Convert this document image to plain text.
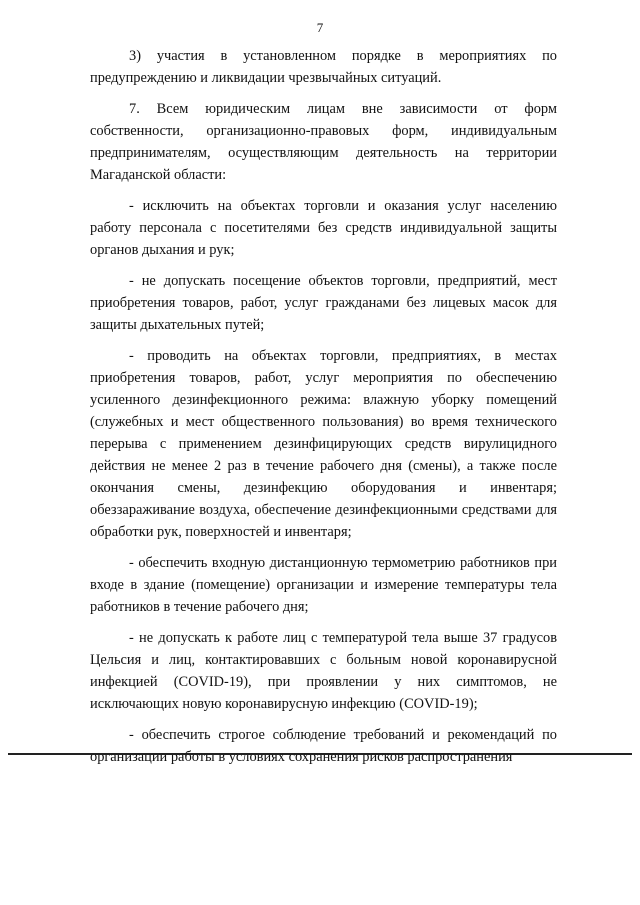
7

3) участия в установленном порядке в мероприятиях по предупреждению и ликвидации чрезвычайных ситуаций.

7. Всем юридическим лицам вне зависимости от форм собственности, организационно-правовых форм, индивидуальным предпринимателям, осуществляющим деятельность на территории Магаданской области:

- исключить на объектах торговли и оказания услуг населению работу персонала с посетителями без средств индивидуальной защиты органов дыхания и рук;

- не допускать посещение объектов торговли, предприятий, мест приобретения товаров, работ, услуг гражданами без лицевых масок для защиты дыхательных путей;

- проводить на объектах торговли, предприятиях, в местах приобретения товаров, работ, услуг мероприятия по обеспечению усиленного дезинфекционного режима: влажную уборку помещений (служебных и мест общественного пользования) во время технического перерыва с применением дезинфицирующих средств вирулицидного действия не менее 2 раз в течение рабочего дня (смены), а также после окончания смены, дезинфекцию оборудования и инвентаря; обеззараживание воздуха, обеспечение дезинфекционными средствами для обработки рук, поверхностей и инвентаря;

- обеспечить входную дистанционную термометрию работников при входе в здание (помещение) организации и измерение температуры тела работников в течение рабочего дня;

- не допускать к работе лиц с температурой тела выше 37 градусов Цельсия и лиц, контактировавших с больным новой коронавирусной инфекцией (COVID-19), при проявлении у них симптомов, не исключающих новую коронавирусную инфекцию (COVID-19);

- обеспечить строгое соблюдение требований и рекомендаций по организации работы в условиях сохранения рисков распространения
